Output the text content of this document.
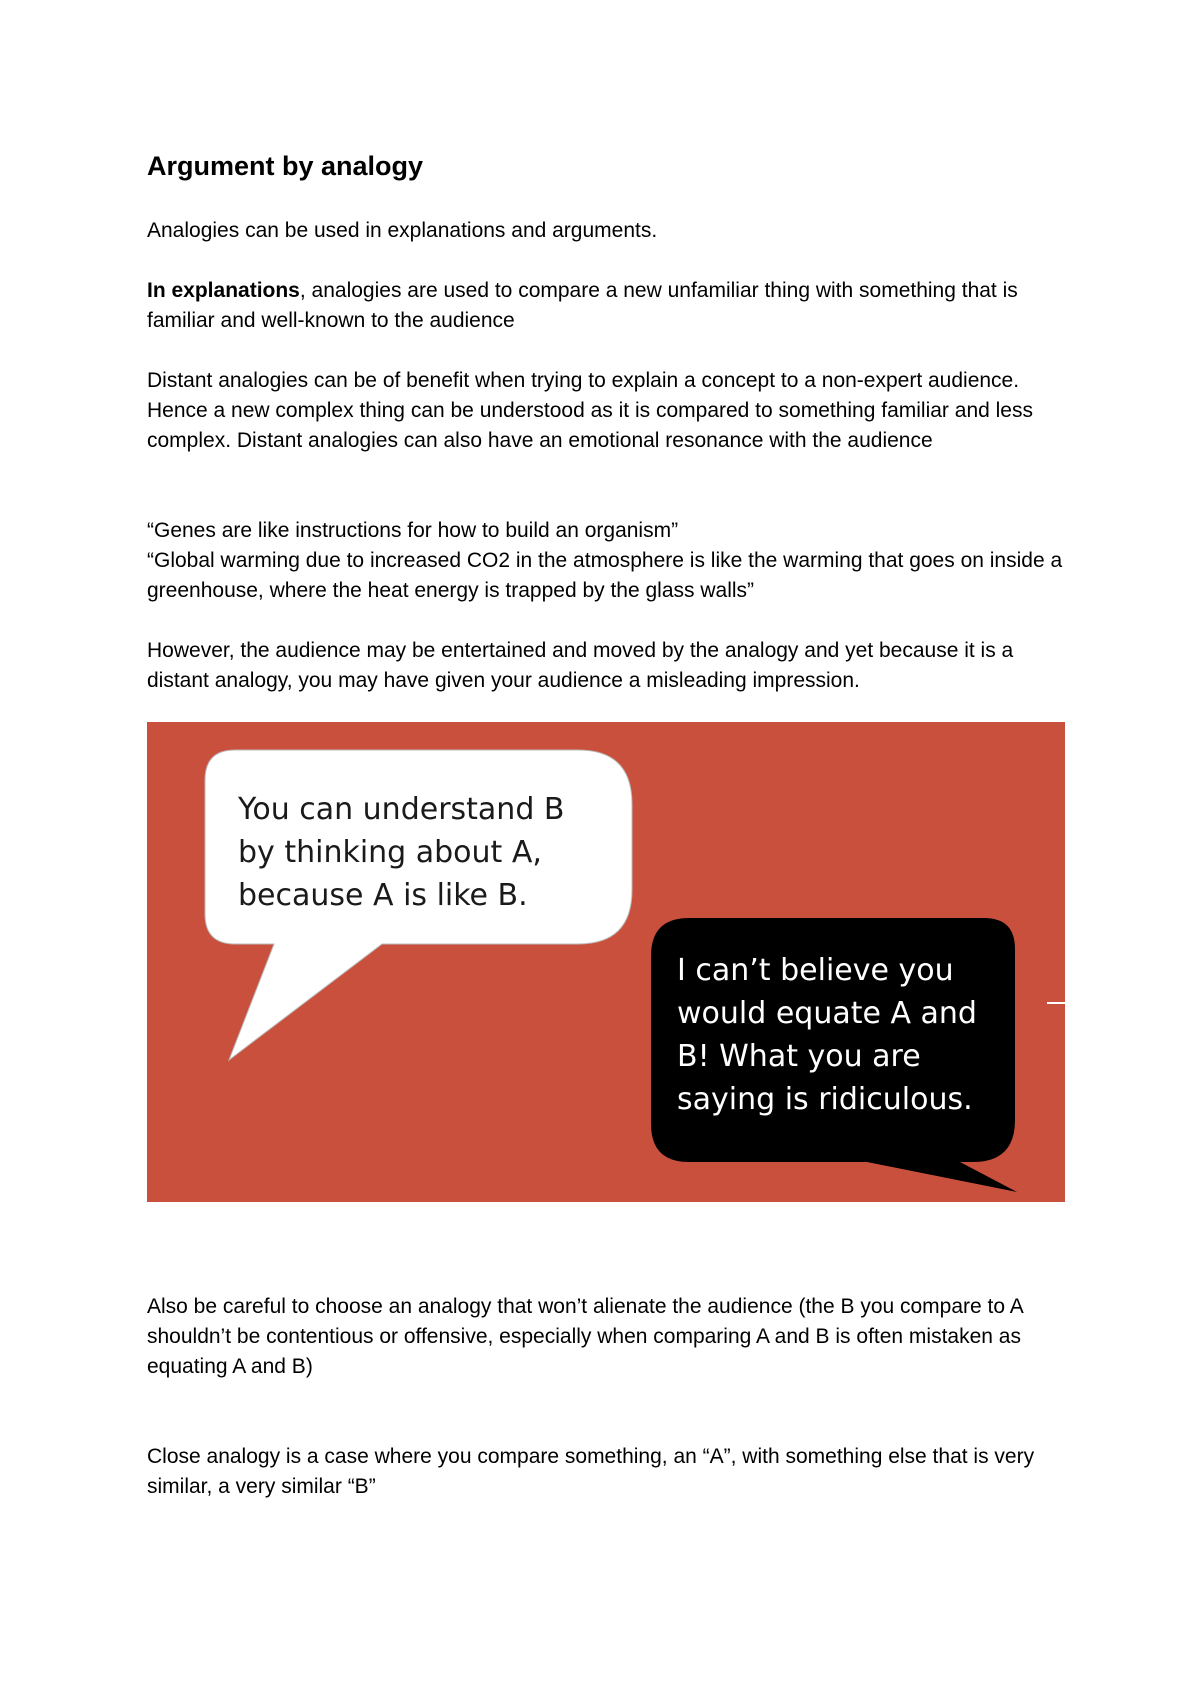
Argument by analogy

Analogies can be used in explanations and arguments.

In explanations, analogies are used to compare a new unfamiliar thing with something that is familiar and well-known to the audience

Distant analogies can be of benefit when trying to explain a concept to a non-expert audience. Hence a new complex thing can be understood as it is compared to something familiar and less complex. Distant analogies can also have an emotional resonance with the audience

“Genes are like instructions for how to build an organism”

“Global warming due to increased CO2 in the atmosphere is like the warming that goes on inside a greenhouse, where the heat energy is trapped by the glass walls”

However, the audience may be entertained and moved by the analogy and yet because it is a distant analogy, you may have given your audience a misleading impression.

You can understand B
by thinking about A,
because A is like B.
I can’t believe you
would equate A and
B! What you are
saying is ridiculous.

Also be careful to choose an analogy that won’t alienate the audience (the B you compare to A shouldn’t be contentious or offensive, especially when comparing A and B is often mistaken as equating A and B)

Close analogy is a case where you compare something, an “A”, with something else that is very similar, a very similar “B”
